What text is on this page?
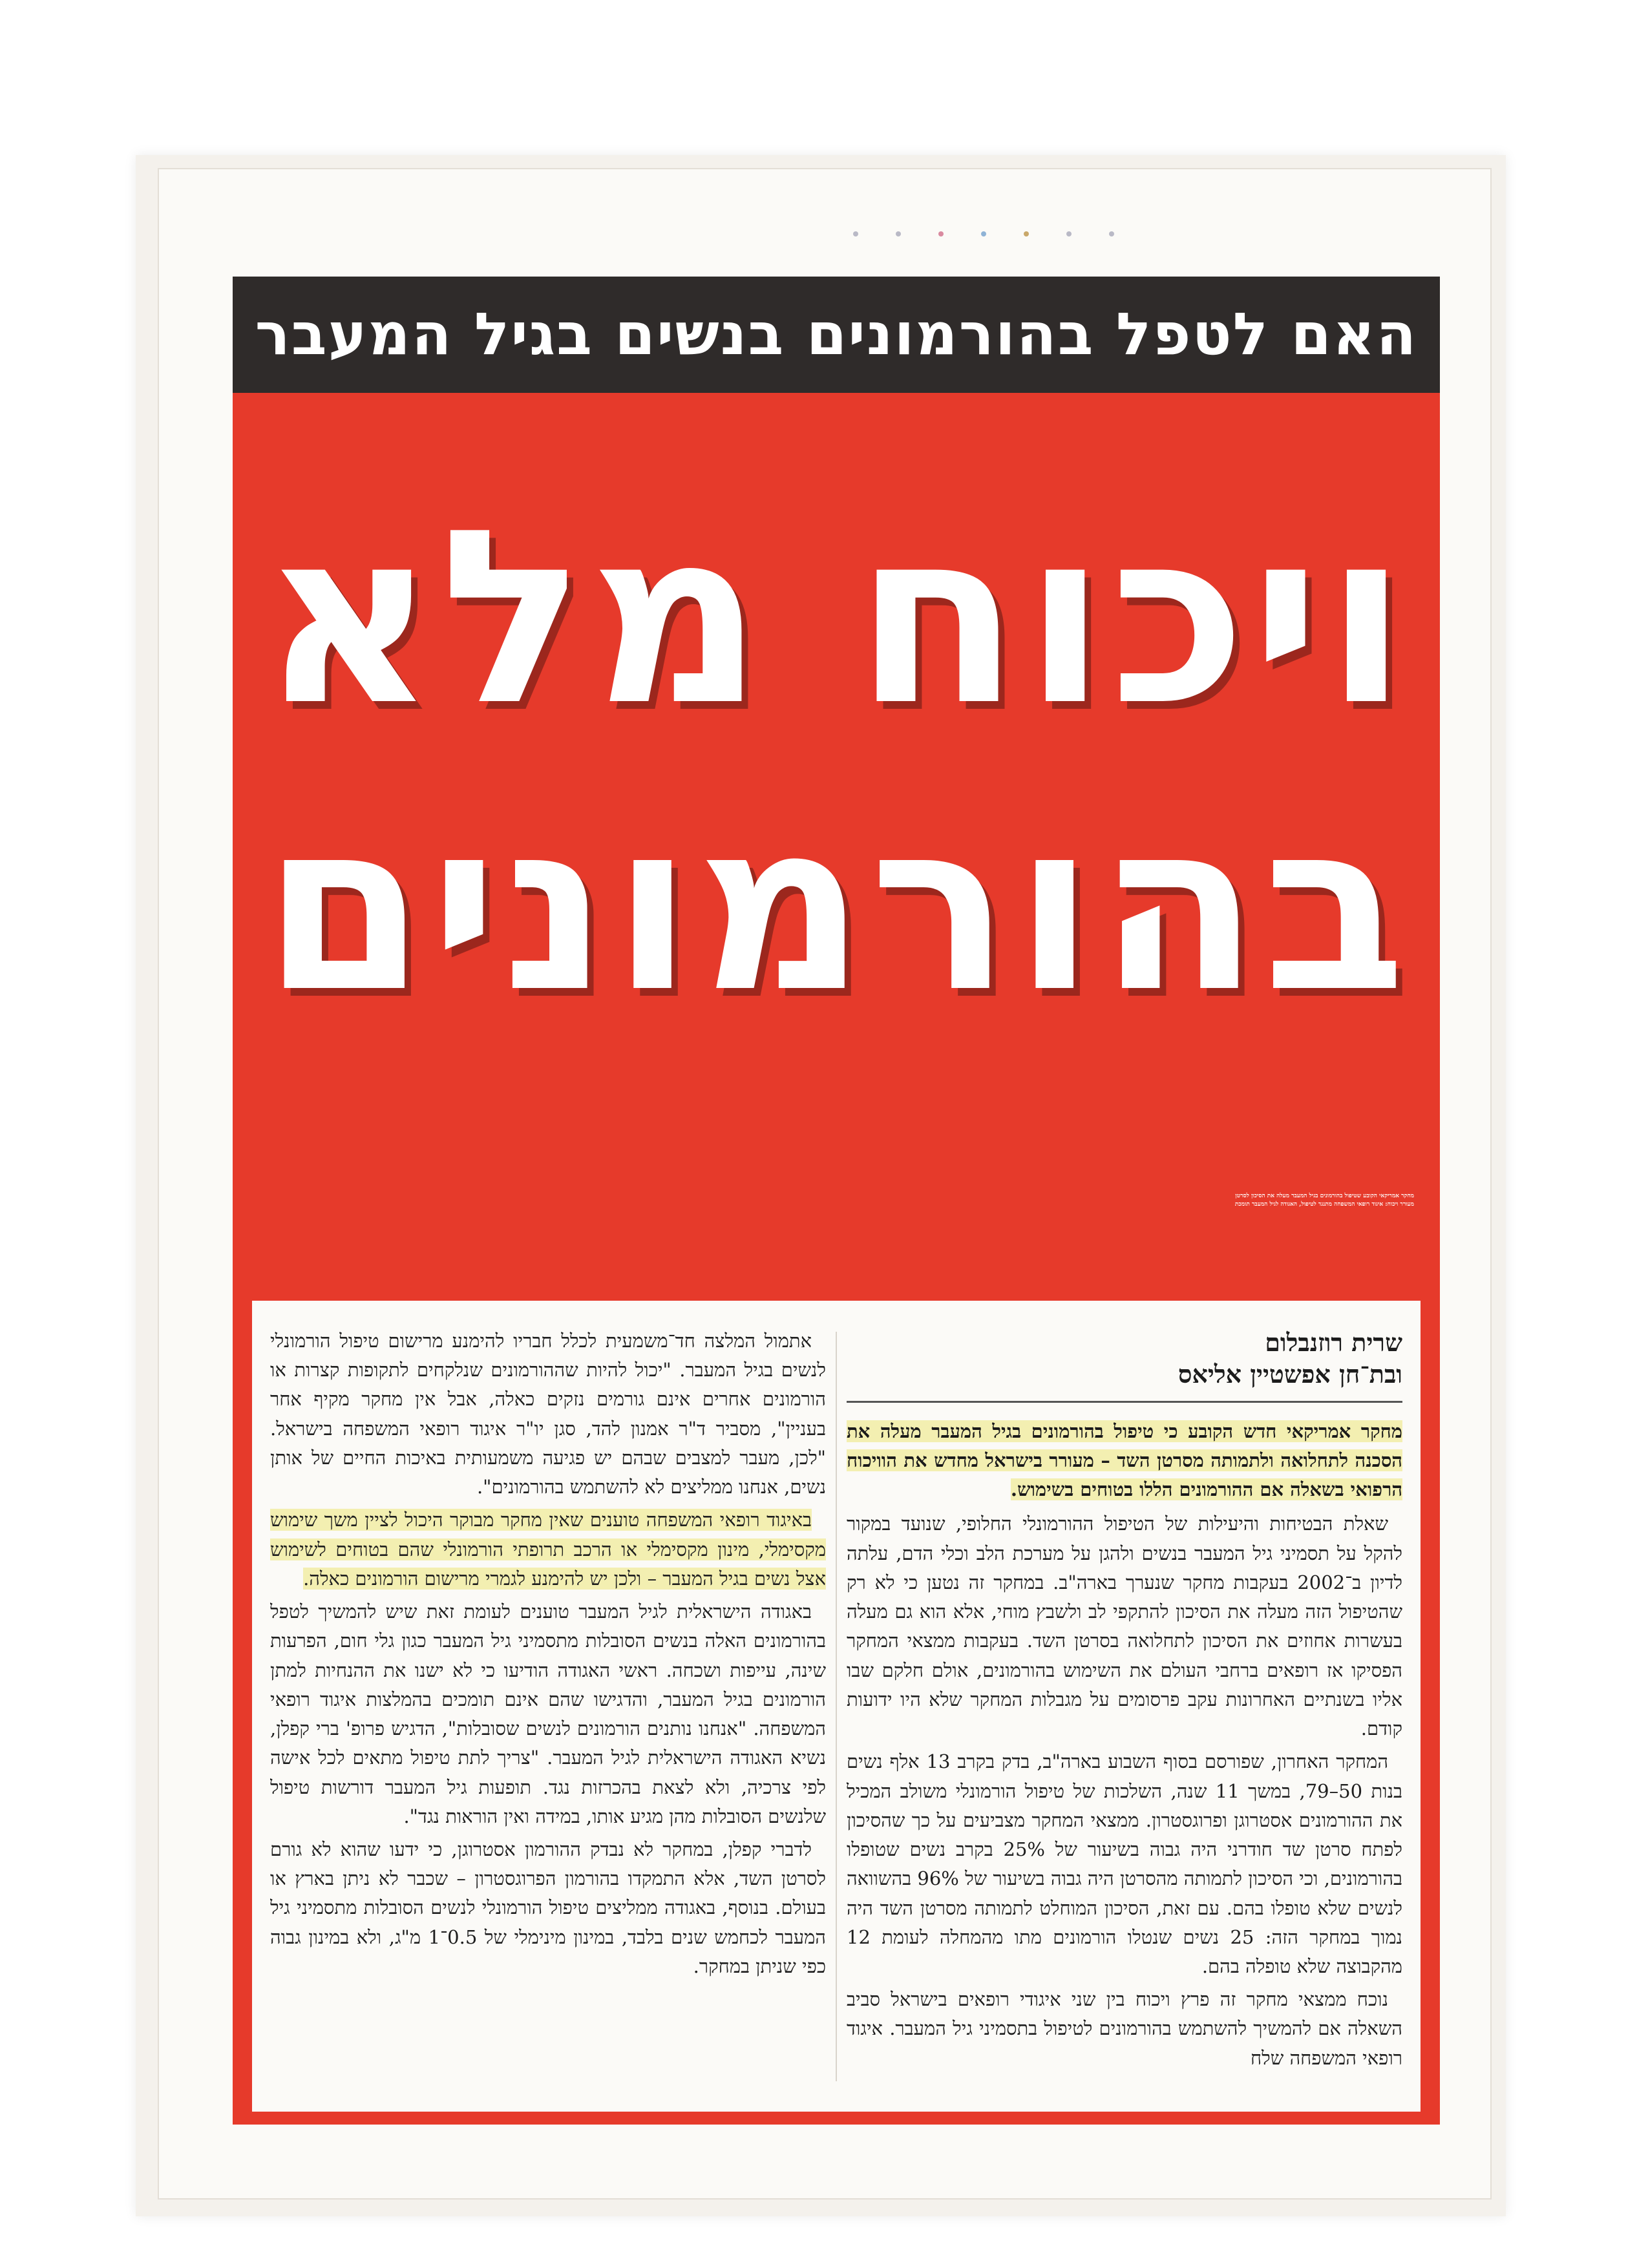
האם לטפל בהורמונים בנשים בגיל המעבר
ויכוח מלא
בהורמונים
מחקר אמריקאי הקובע שטיפול בהורמונים בגיל המעבר מעלה את הסיכון לסרטן
מעורר ויכוח: איגוד רופאי המשפחה מתנגד לטיפול, האגודה לגיל המעבר תומכת

שרית רוזנבלום

ובת־חן אפשטיין אליאס

מחקר אמריקאי חדש הקובע כי טיפול בהורמונים בגיל המעבר מעלה את הסכנה לתחלואה ולתמותה מסרטן השד – מעורר בישראל מחדש את הוויכוח הרפואי בשאלה אם ההורמונים הללו בטוחים בשימוש.

שאלת הבטיחות והיעילות של הטיפול ההורמונלי החלופי, שנועד במקור להקל על תסמיני גיל המעבר בנשים ולהגן על מערכת הלב וכלי הדם, עלתה לדיון ב־2002 בעקבות מחקר שנערך בארה"ב. במחקר זה נטען כי לא רק שהטיפול הזה מעלה את הסיכון להתקפי לב ולשבץ מוחי, אלא הוא גם מעלה בעשרות אחוזים את הסיכון לתחלואה בסרטן השד. בעקבות ממצאי המחקר הפסיקו אז רופאים ברחבי העולם את השימוש בהורמונים, אולם חלקם שבו אליו בשנתיים האחרונות עקב פרסומים על מגבלות המחקר שלא היו ידועות קודם.

המחקר האחרון, שפורסם בסוף השבוע בארה"ב, בדק בקרב 13 אלף נשים בנות 50–79, במשך 11 שנה, השלכות של טיפול הורמונלי משולב המכיל את ההורמונים אסטרוגן ופרוגסטרון. ממצאי המחקר מצביעים על כך שהסיכון לפתח סרטן שד חודרני היה גבוה בשיעור של 25% בקרב נשים שטופלו בהורמונים, וכי הסיכון לתמותה מהסרטן היה גבוה בשיעור של 96% בהשוואה לנשים שלא טופלו בהם. עם זאת, הסיכון המוחלט לתמותה מסרטן השד היה נמוך במחקר הזה: 25 נשים שנטלו הורמונים מתו מהמחלה לעומת 12 מהקבוצה שלא טופלה בהם.

נוכח ממצאי מחקר זה פרץ ויכוח בין שני איגודי רופאים בישראל סביב השאלה אם להמשיך להשתמש בהורמונים לטיפול בתסמיני גיל המעבר. איגוד רופאי המשפחה שלח

אתמול המלצה חד־משמעית לכלל חבריו להימנע מרישום טיפול הורמונלי לנשים בגיל המעבר. "יכול להיות שההורמונים שנלקחים לתקופות קצרות או הורמונים אחרים אינם גורמים נזקים כאלה, אבל אין מחקר מקיף אחר בעניין", מסביר ד"ר אמנון להד, סגן יו"ר איגוד רופאי המשפחה בישראל. "לכן, מעבר למצבים שבהם יש פגיעה משמעותית באיכות החיים של אותן נשים, אנחנו ממליצים לא להשתמש בהורמונים".

באיגוד רופאי המשפחה טוענים שאין מחקר מבוקר היכול לציין משך שימוש מקסימלי, מינון מקסימלי או הרכב תרופתי הורמונלי שהם בטוחים לשימוש אצל נשים בגיל המעבר – ולכן יש להימנע לגמרי מרישום הורמונים כאלה.

באגודה הישראלית לגיל המעבר טוענים לעומת זאת שיש להמשיך לטפל בהורמונים האלה בנשים הסובלות מתסמיני גיל המעבר כגון גלי חום, הפרעות שינה, עייפות ושכחה. ראשי האגודה הודיעו כי לא ישנו את ההנחיות למתן הורמונים בגיל המעבר, והדגישו שהם אינם תומכים בהמלצות איגוד רופאי המשפחה. "אנחנו נותנים הורמונים לנשים שסובלות", הדגיש פרופ' ברי קפלן, נשיא האגודה הישראלית לגיל המעבר. "צריך לתת טיפול מתאים לכל אישה לפי צרכיה, ולא לצאת בהכרזות נגד. תופעות גיל המעבר דורשות טיפול שלנשים הסובלות מהן מגיע אותו, במידה ואין הוראות נגד".

לדברי קפלן, במחקר לא נבדק ההורמון אסטרוגן, כי ידעו שהוא לא גורם לסרטן השד, אלא התמקדו בהורמון הפרוגסטרון – שכבר לא ניתן בארץ או בעולם. בנוסף, באגודה ממליצים טיפול הורמונלי לנשים הסובלות מתסמיני גיל המעבר לכחמש שנים בלבד, במינון מינימלי של 0.5־1 מ"ג, ולא במינון גבוה כפי שניתן במחקר.
